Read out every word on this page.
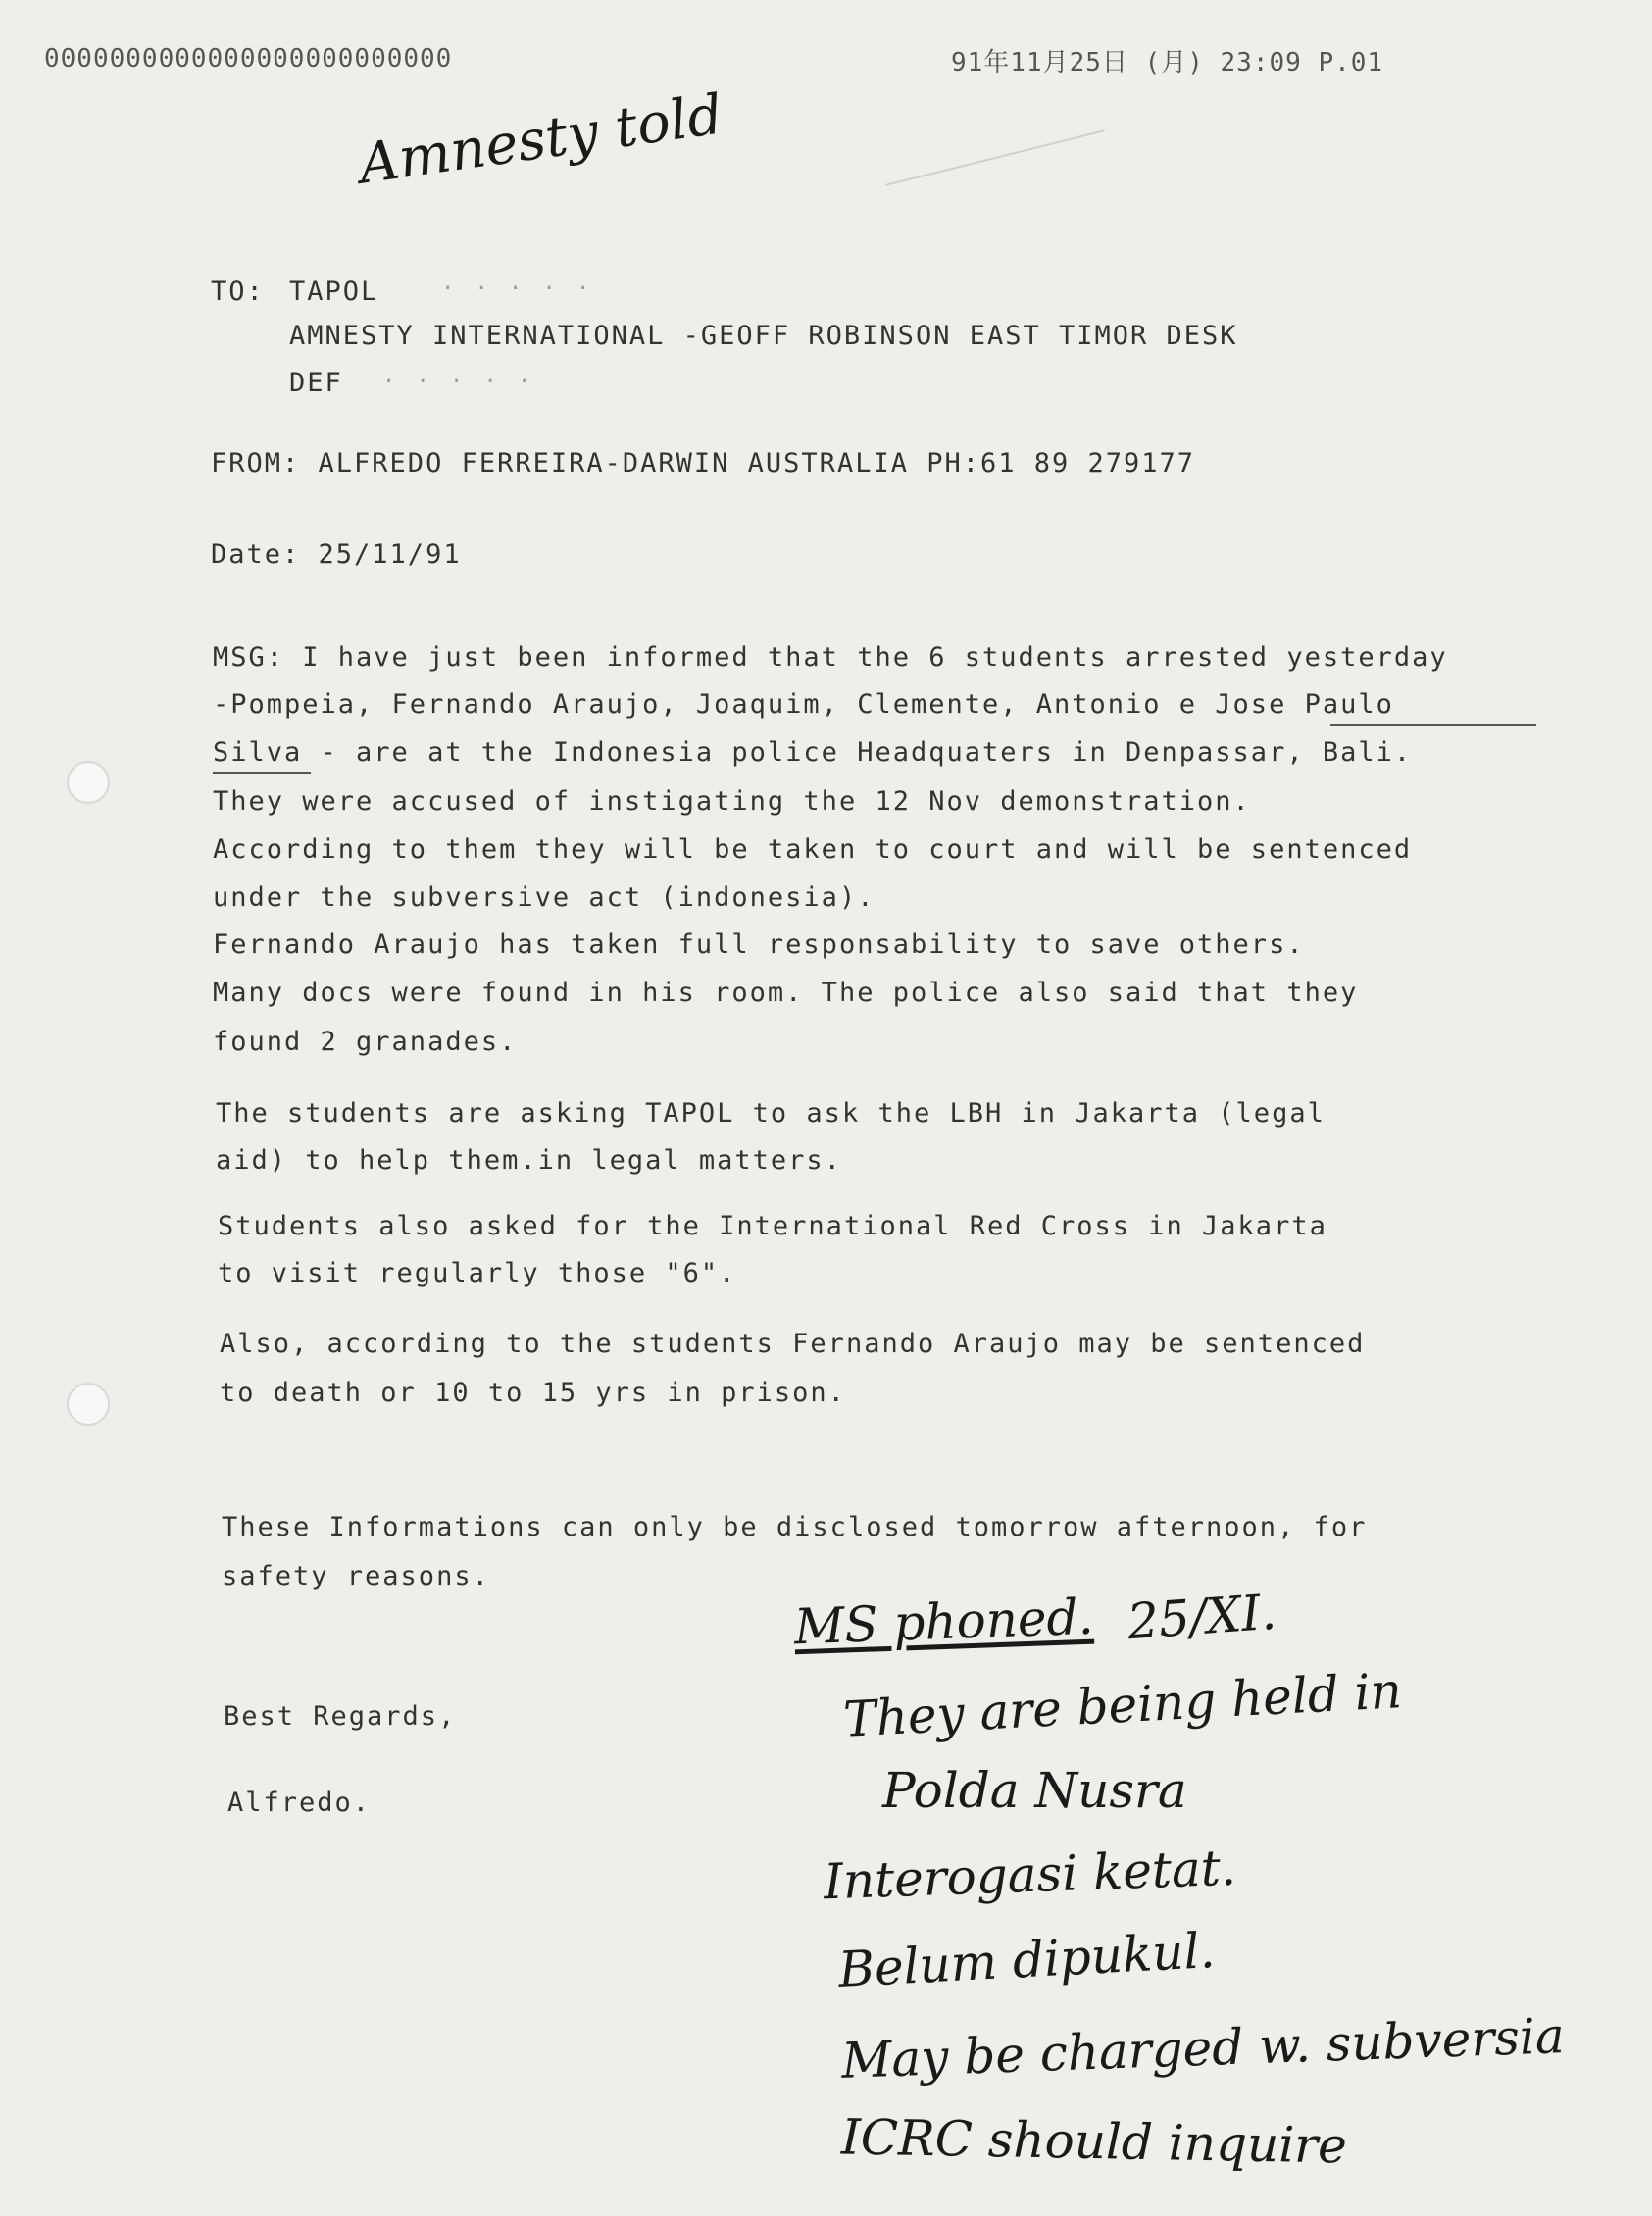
0000000000000000000000000	91年11月25日 (月) 23:09 P.01
Amnesty told
TO: TAPOL	· · · · ·
AMNESTY INTERNATIONAL -GEOFF ROBINSON EAST TIMOR DESK
DEF · · · · ·
FROM: ALFREDO FERREIRA-DARWIN AUSTRALIA PH:61 89 279177
Date: 25/11/91
MSG: I have just been informed that the 6 students arrested yesterday
-Pompeia, Fernando Araujo, Joaquim, Clemente, Antonio e Jose Paulo
Silva - are at the Indonesia police Headquaters in Denpassar, Bali.
They were accused of instigating the 12 Nov demonstration.
According to them they will be taken to court and will be sentenced
under the subversive act (indonesia).
Fernando Araujo has taken full responsability to save others.
Many docs were found in his room. The police also said that they
found 2 granades.
The students are asking TAPOL to ask the LBH in Jakarta (legal
aid) to help them.in legal matters.
Students also asked for the International Red Cross in Jakarta
to visit regularly those "6".
Also, according to the students Fernando Araujo may be sentenced
to death or 10 to 15 yrs in prison.
These Informations can only be disclosed tomorrow afternoon, for
safety reasons.
Best Regards,
Alfredo.
MS phoned. 25/XI.
They are being held in
Polda Nusra
Interogasi ketat.
Belum dipukul.
May be charged w. subversia
ICRC should inquire
